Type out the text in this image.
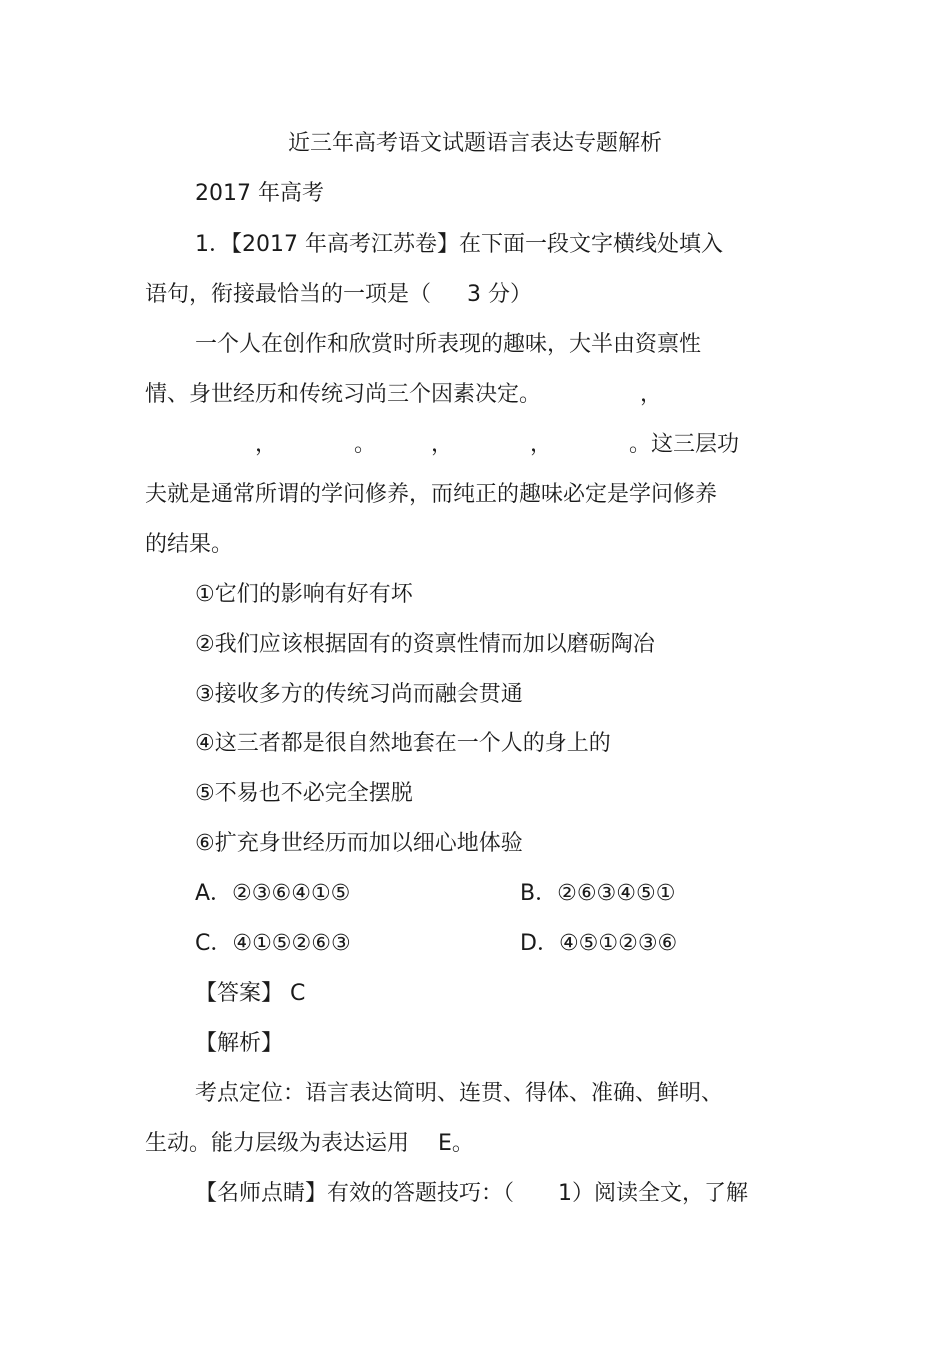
近三年高考语文试题语言表达专题解析
2017 年高考
1．【2017 年高考江苏卷】在下面一段文字横线处填入
语句，衔接最恰当的一项是（　  3 分）
一个人在创作和欣赏时所表现的趣味，大半由资禀性
情、身世经历和传统习尚三个因素决定。　　　　　，
　　　　　，　　　　。　　　，　　　　，　　　　。这三层功
夫就是通常所谓的学问修养，而纯正的趣味必定是学问修养
的结果。
①它们的影响有好有坏
②我们应该根据固有的资禀性情而加以磨砺陶冶
③接收多方的传统习尚而融会贯通
④这三者都是很自然地套在一个人的身上的
⑤不易也不必完全摆脱
⑥扩充身世经历而加以细心地体验
A．②③⑥④①⑤	B．②⑥③④⑤①
C．④①⑤②⑥③	D．④⑤①②③⑥
【答案】 C
【解析】
考点定位：语言表达简明、连贯、得体、准确、鲜明、
生动。能力层级为表达运用　 E。
【名师点睛】有效的答题技巧：（　　1）阅读全文，了解
